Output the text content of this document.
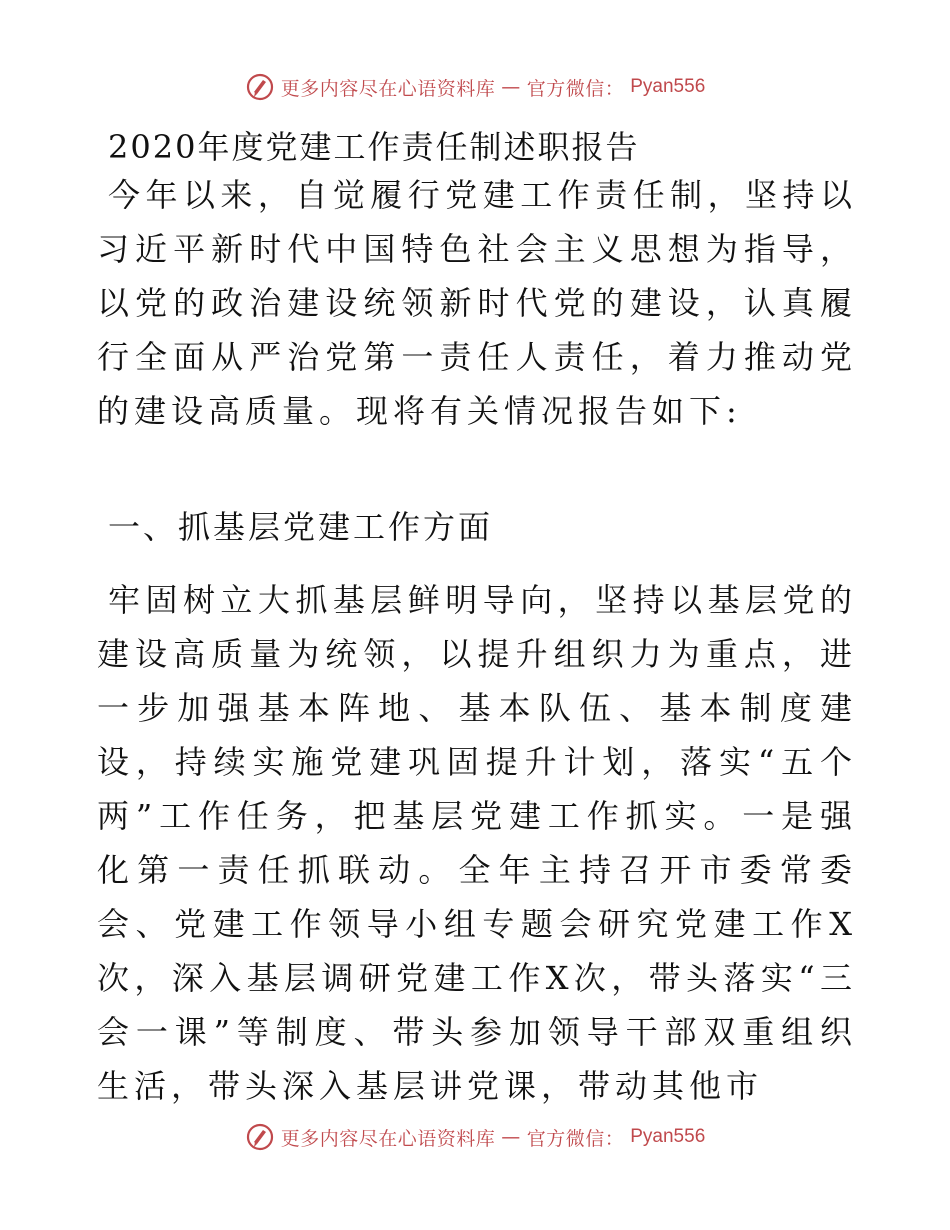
更多内容尽在心语资料库 — 官方微信： Pyan556
2020年度党建工作责任制述职报告
今年以来，自觉履行党建工作责任制，坚持以习近平新时代中国特色社会主义思想为指导，以党的政治建设统领新时代党的建设，认真履行全面从严治党第一责任人责任，着力推动党的建设高质量。现将有关情况报告如下:
一、抓基层党建工作方面
牢固树立大抓基层鲜明导向，坚持以基层党的建设高质量为统领，以提升组织力为重点，进一步加强基本阵地、基本队伍、基本制度建设，持续实施党建巩固提升计划，落实“五个两”工作任务，把基层党建工作抓实。一是强化第一责任抓联动。全年主持召开市委常委会、党建工作领导小组专题会研究党建工作X次，深入基层调研党建工作X次，带头落实“三会一课”等制度、带头参加领导干部双重组织生活，带头深入基层讲党课，带动其他市
更多内容尽在心语资料库 — 官方微信： Pyan556
